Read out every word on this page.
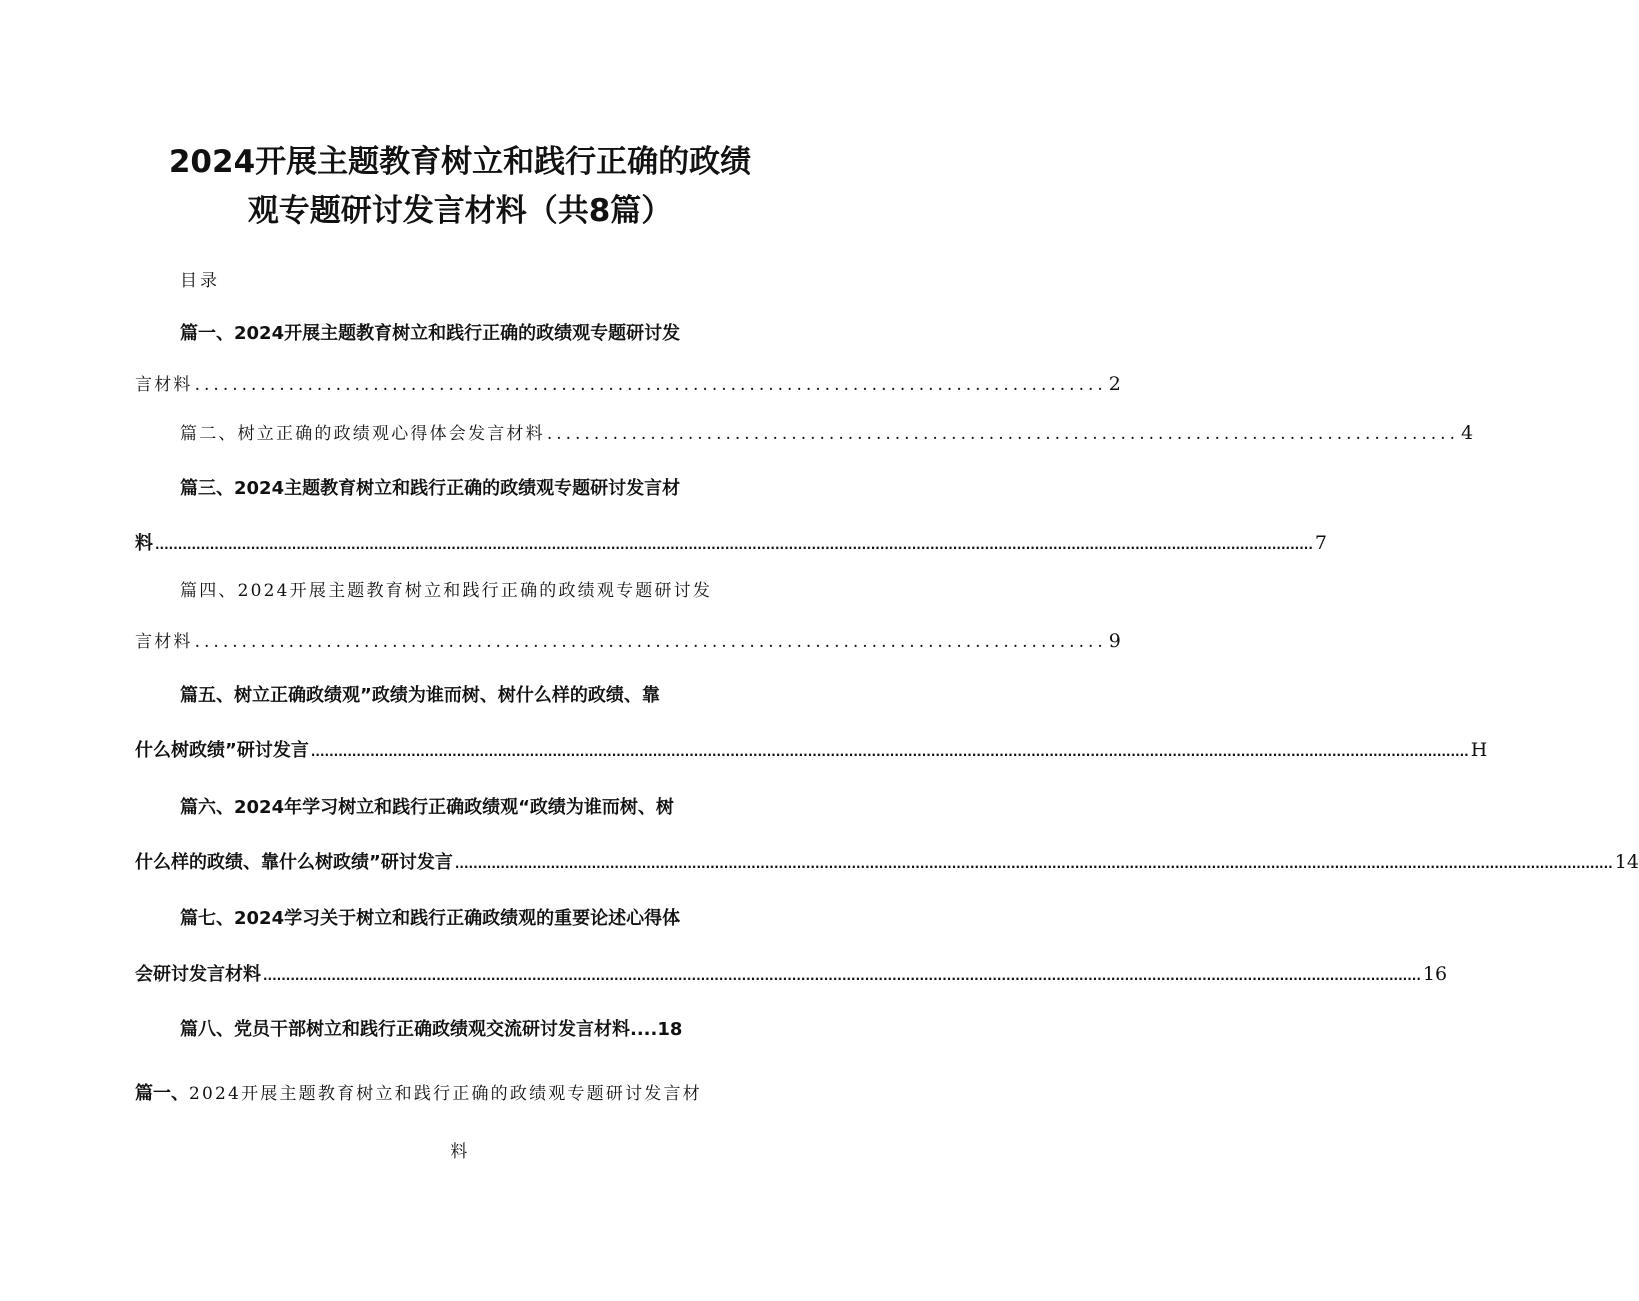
2024开展主题教育树立和践行正确的政绩
观专题研讨发言材料（共8篇）
目录
篇一、2024开展主题教育树立和践行正确的政绩观专题研讨发
言材料 ................................................................................................. 2
篇二、树立正确的政绩观心得体会发言材料 ................................................................................................. 4
篇三、2024主题教育树立和践行正确的政绩观专题研讨发言材
料 .............................................................................................................................................................................................................................................................. 7
篇四、2024开展主题教育树立和践行正确的政绩观专题研讨发
言材料 ................................................................................................. 9
篇五、树立正确政绩观”政绩为谁而树、树什么样的政绩、靠
什么树政绩”研讨发言 .............................................................................................................................................................................................................................................................. H
篇六、2024年学习树立和践行正确政绩观“政绩为谁而树、树
什么样的政绩、靠什么树政绩”研讨发言 .............................................................................................................................................................................................................................................................. 14
篇七、2024学习关于树立和践行正确政绩观的重要论述心得体
会研讨发言材料 .............................................................................................................................................................................................................................................................. 16
篇八、党员干部树立和践行正确政绩观交流研讨发言材料....18
篇一、2024开展主题教育树立和践行正确的政绩观专题研讨发言材
料
